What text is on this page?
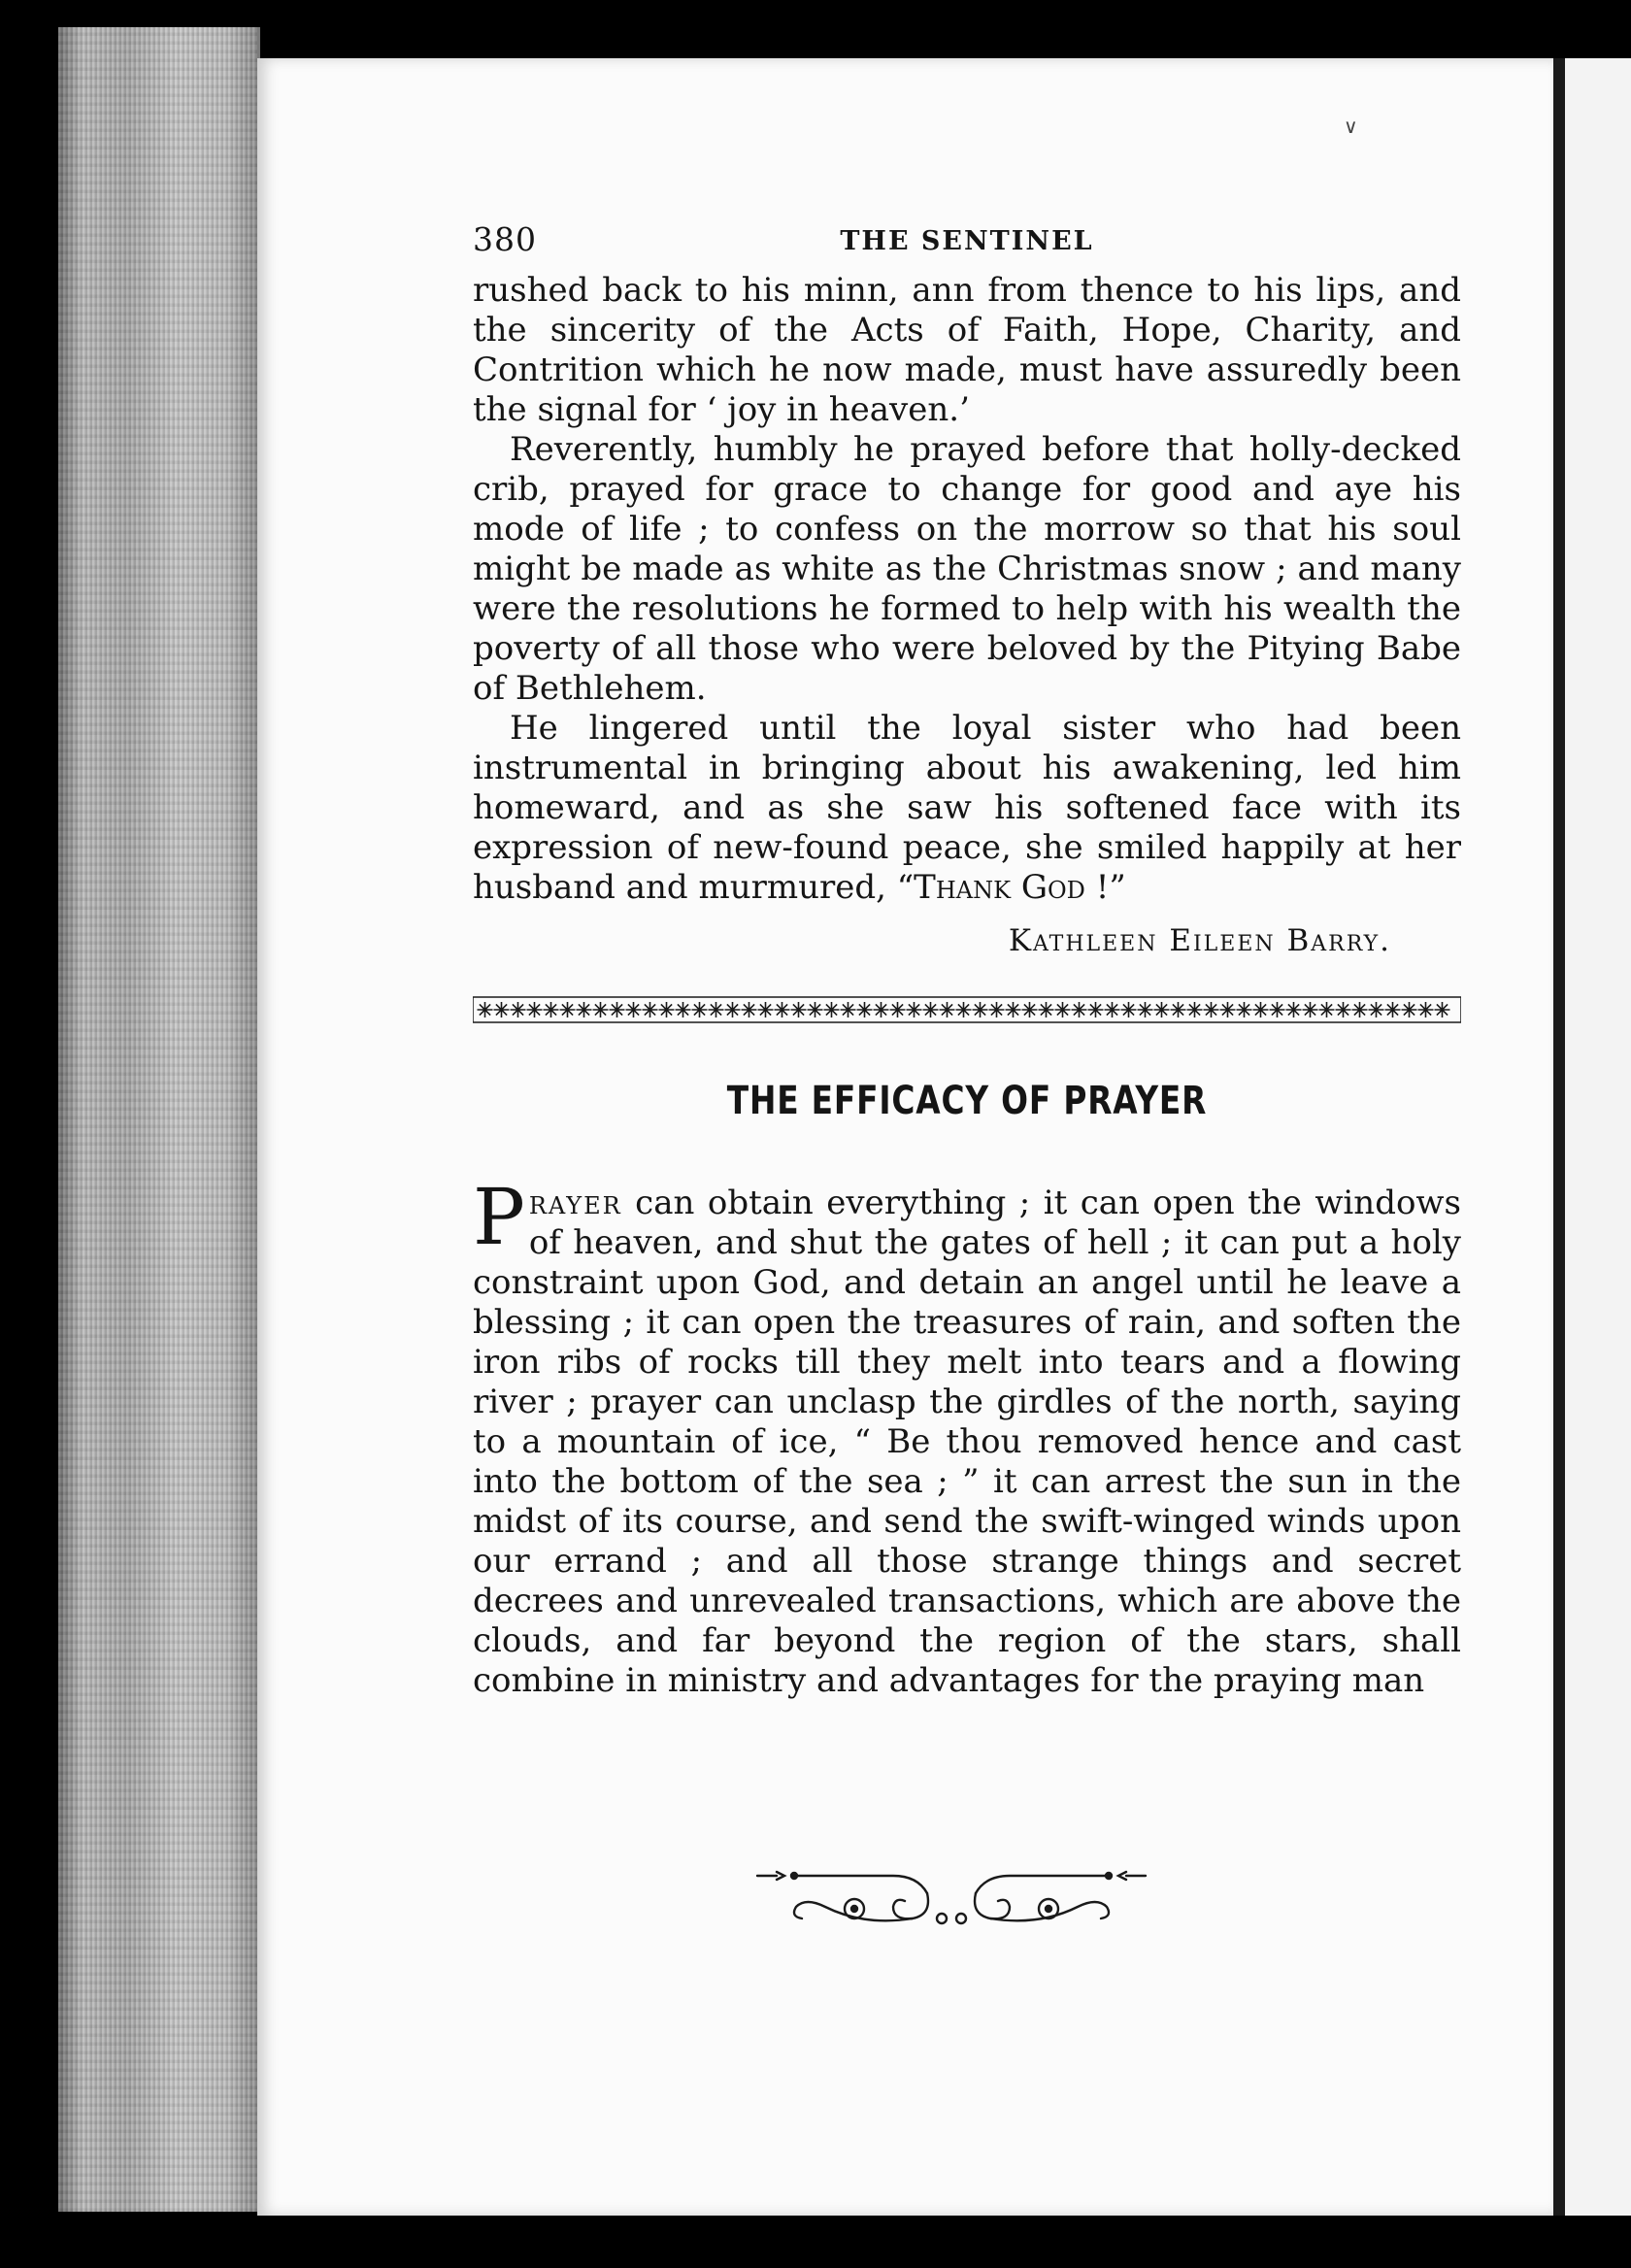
∨
380	THE SENTINEL

rushed back to his minn, ann from thence to his lips, and the sincerity of the Acts of Faith, Hope, Charity, and Contrition which he now made, must have assuredly been the signal for ‘ joy in heaven.’

Reverently, humbly he prayed before that holly-decked crib, prayed for grace to change for good and aye his mode of life ; to confess on the morrow so that his soul might be made as white as the Christmas snow ; and many were the resolutions he formed to help with his wealth the poverty of all those who were beloved by the Pitying Babe of Bethlehem.

He lingered until the loyal sister who had been instrumental in bringing about his awakening, led him homeward, and as she saw his softened face with its expression of new-found peace, she smiled happily at her husband and murmured, “Thank God !”

Kathleen Eileen Barry.
THE EFFICACY OF PRAYER

Prayer can obtain everything ; it can open the windows of heaven, and shut the gates of hell ; it can put a holy constraint upon God, and detain an angel until he leave a blessing ; it can open the treasures of rain, and soften the iron ribs of rocks till they melt into tears and a flowing river ; prayer can unclasp the girdles of the north, saying to a mountain of ice, “ Be thou removed hence and cast into the bottom of the sea ; ” it can arrest the sun in the midst of its course, and send the swift-winged winds upon our errand ; and all those strange things and secret decrees and unrevealed transactions, which are above the clouds, and far beyond the region of the stars, shall combine in ministry and advantages for the praying man
